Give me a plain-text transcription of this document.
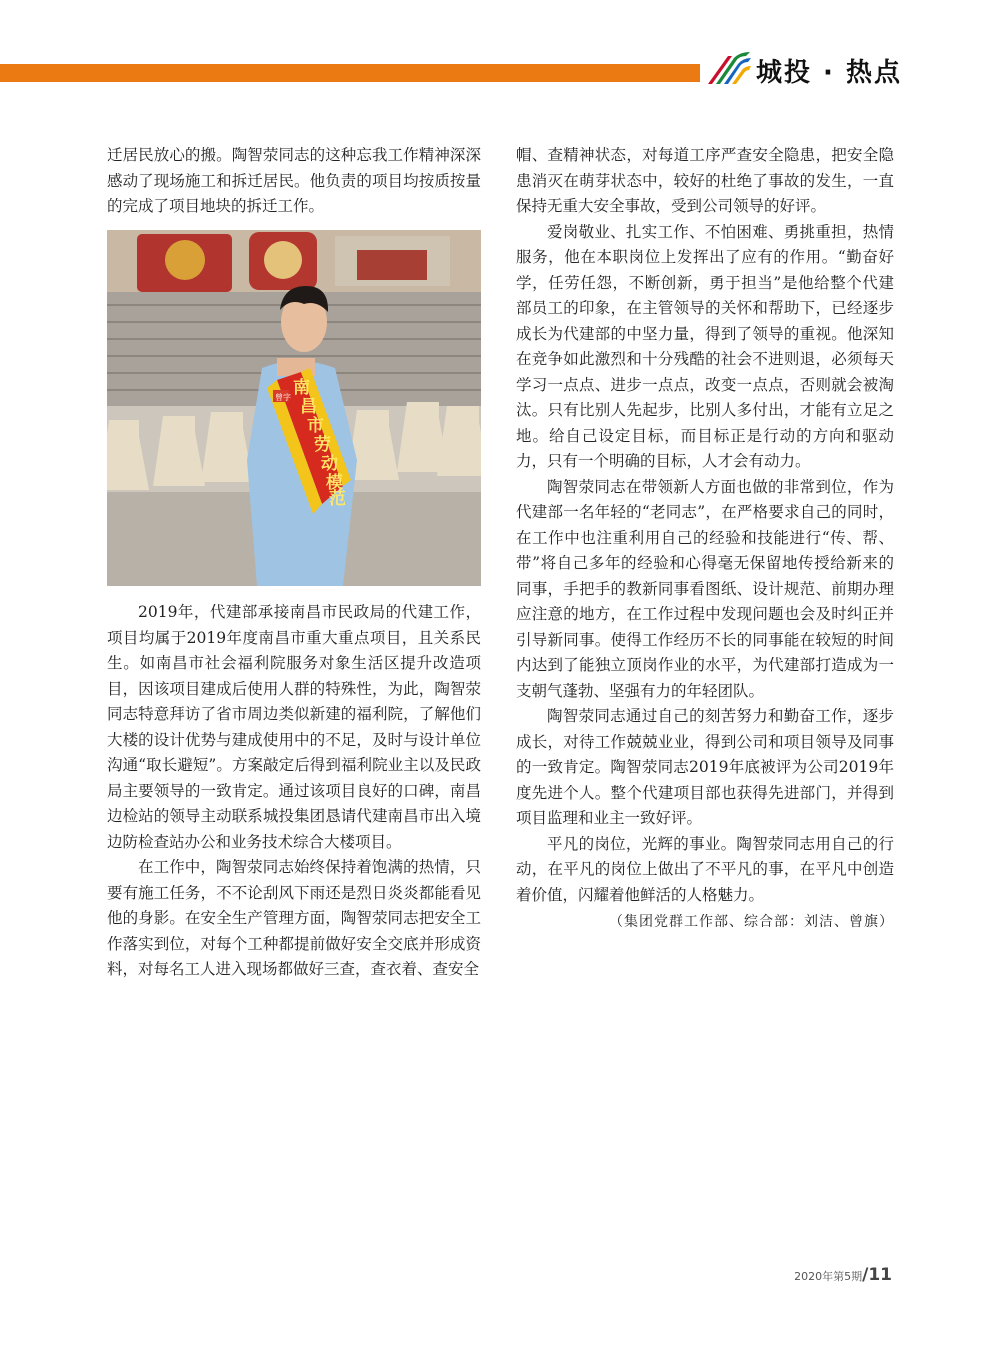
城投 · 热点

迁居民放心的搬。陶智荥同志的这种忘我工作精神深深感动了现场施工和拆迁居民。他负责的项目均按质按量的完成了项目地块的拆迁工作。

南
昌
市
劳
动
模
范
曾字

2019年，代建部承接南昌市民政局的代建工作，项目均属于2019年度南昌市重大重点项目，且关系民生。如南昌市社会福利院服务对象生活区提升改造项目，因该项目建成后使用人群的特殊性，为此，陶智荥同志特意拜访了省市周边类似新建的福利院，了解他们大楼的设计优势与建成使用中的不足，及时与设计单位沟通“取长避短”。方案敲定后得到福利院业主以及民政局主要领导的一致肯定。通过该项目良好的口碑，南昌边检站的领导主动联系城投集团恳请代建南昌市出入境边防检查站办公和业务技术综合大楼项目。

在工作中，陶智荥同志始终保持着饱满的热情，只要有施工任务，不不论刮风下雨还是烈日炎炎都能看见他的身影。在安全生产管理方面，陶智荥同志把安全工作落实到位，对每个工种都提前做好安全交底并形成资料，对每名工人进入现场都做好三查，查衣着、查安全

帽、查精神状态，对每道工序严查安全隐患，把安全隐患消灭在萌芽状态中，较好的杜绝了事故的发生，一直保持无重大安全事故，受到公司领导的好评。

爱岗敬业、扎实工作、不怕困难、勇挑重担，热情服务，他在本职岗位上发挥出了应有的作用。“勤奋好学，任劳任怨，不断创新，勇于担当”是他给整个代建部员工的印象，在主管领导的关怀和帮助下，已经逐步成长为代建部的中坚力量，得到了领导的重视。他深知在竞争如此激烈和十分残酷的社会不进则退，必须每天学习一点点、进步一点点，改变一点点，否则就会被淘汰。只有比别人先起步，比别人多付出，才能有立足之地。给自己设定目标，而目标正是行动的方向和驱动力，只有一个明确的目标，人才会有动力。

陶智荥同志在带领新人方面也做的非常到位，作为代建部一名年轻的“老同志”，在严格要求自己的同时，在工作中也注重利用自己的经验和技能进行“传、帮、带”将自己多年的经验和心得毫无保留地传授给新来的同事，手把手的教新同事看图纸、设计规范、前期办理应注意的地方，在工作过程中发现问题也会及时纠正并引导新同事。使得工作经历不长的同事能在较短的时间内达到了能独立顶岗作业的水平，为代建部打造成为一支朝气蓬勃、坚强有力的年轻团队。

陶智荥同志通过自己的刻苦努力和勤奋工作，逐步成长，对待工作兢兢业业，得到公司和项目领导及同事的一致肯定。陶智荥同志2019年底被评为公司2019年度先进个人。整个代建项目部也获得先进部门，并得到项目监理和业主一致好评。

平凡的岗位，光辉的事业。陶智荥同志用自己的行动，在平凡的岗位上做出了不平凡的事，在平凡中创造着价值，闪耀着他鲜活的人格魅力。

（集团党群工作部、综合部：刘洁、曾旗）
2020年第5期/11
